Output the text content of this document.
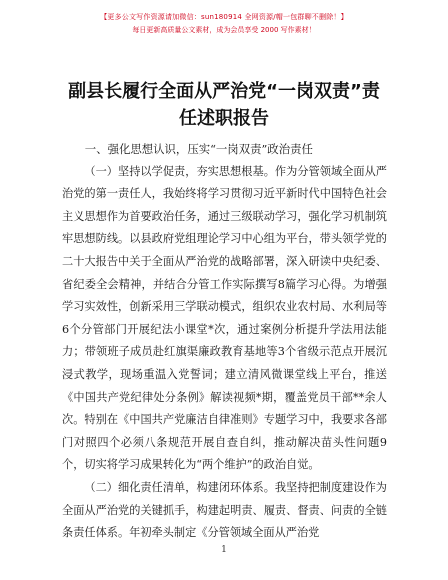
【更多公文写作资源请加微信：sun180914 全网资源/帽一包群聊不删除！】
每日更新高质量公文素材，成为会员享受 2000 写作素材！
副县长履行全面从严治党“一岗双责”责任述职报告

一、强化思想认识，压实“一岗双责”政治责任

（一）坚持以学促责，夯实思想根基。作为分管领域全面从严治党的第一责任人，我始终将学习贯彻习近平新时代中国特色社会主义思想作为首要政治任务，通过三级联动学习，强化学习机制筑牢思想防线。以县政府党组理论学习中心组为平台，带头领学党的二十大报告中关于全面从严治党的战略部署，深入研读中央纪委、省纪委全会精神，并结合分管工作实际撰写8篇学习心得。为增强学习实效性，创新采用三学联动模式，组织农业农村局、水利局等6个分管部门开展纪法小课堂*次，通过案例分析提升学法用法能力；带领班子成员赴红旗渠廉政教育基地等3个省级示范点开展沉浸式教学，现场重温入党誓词；建立清风微课堂线上平台，推送《中国共产党纪律处分条例》解读视频*期，覆盖党员干部**余人次。特别在《中国共产党廉洁自律准则》专题学习中，我要求各部门对照四个必须八条规范开展自查自纠，推动解决苗头性问题9个，切实将学习成果转化为“两个维护”的政治自觉。

（二）细化责任清单，构建闭环体系。我坚持把制度建设作为全面从严治党的关键抓手，构建起明责、履责、督责、问责的全链条责任体系。年初牵头制定《分管领域全面从严治党

1
